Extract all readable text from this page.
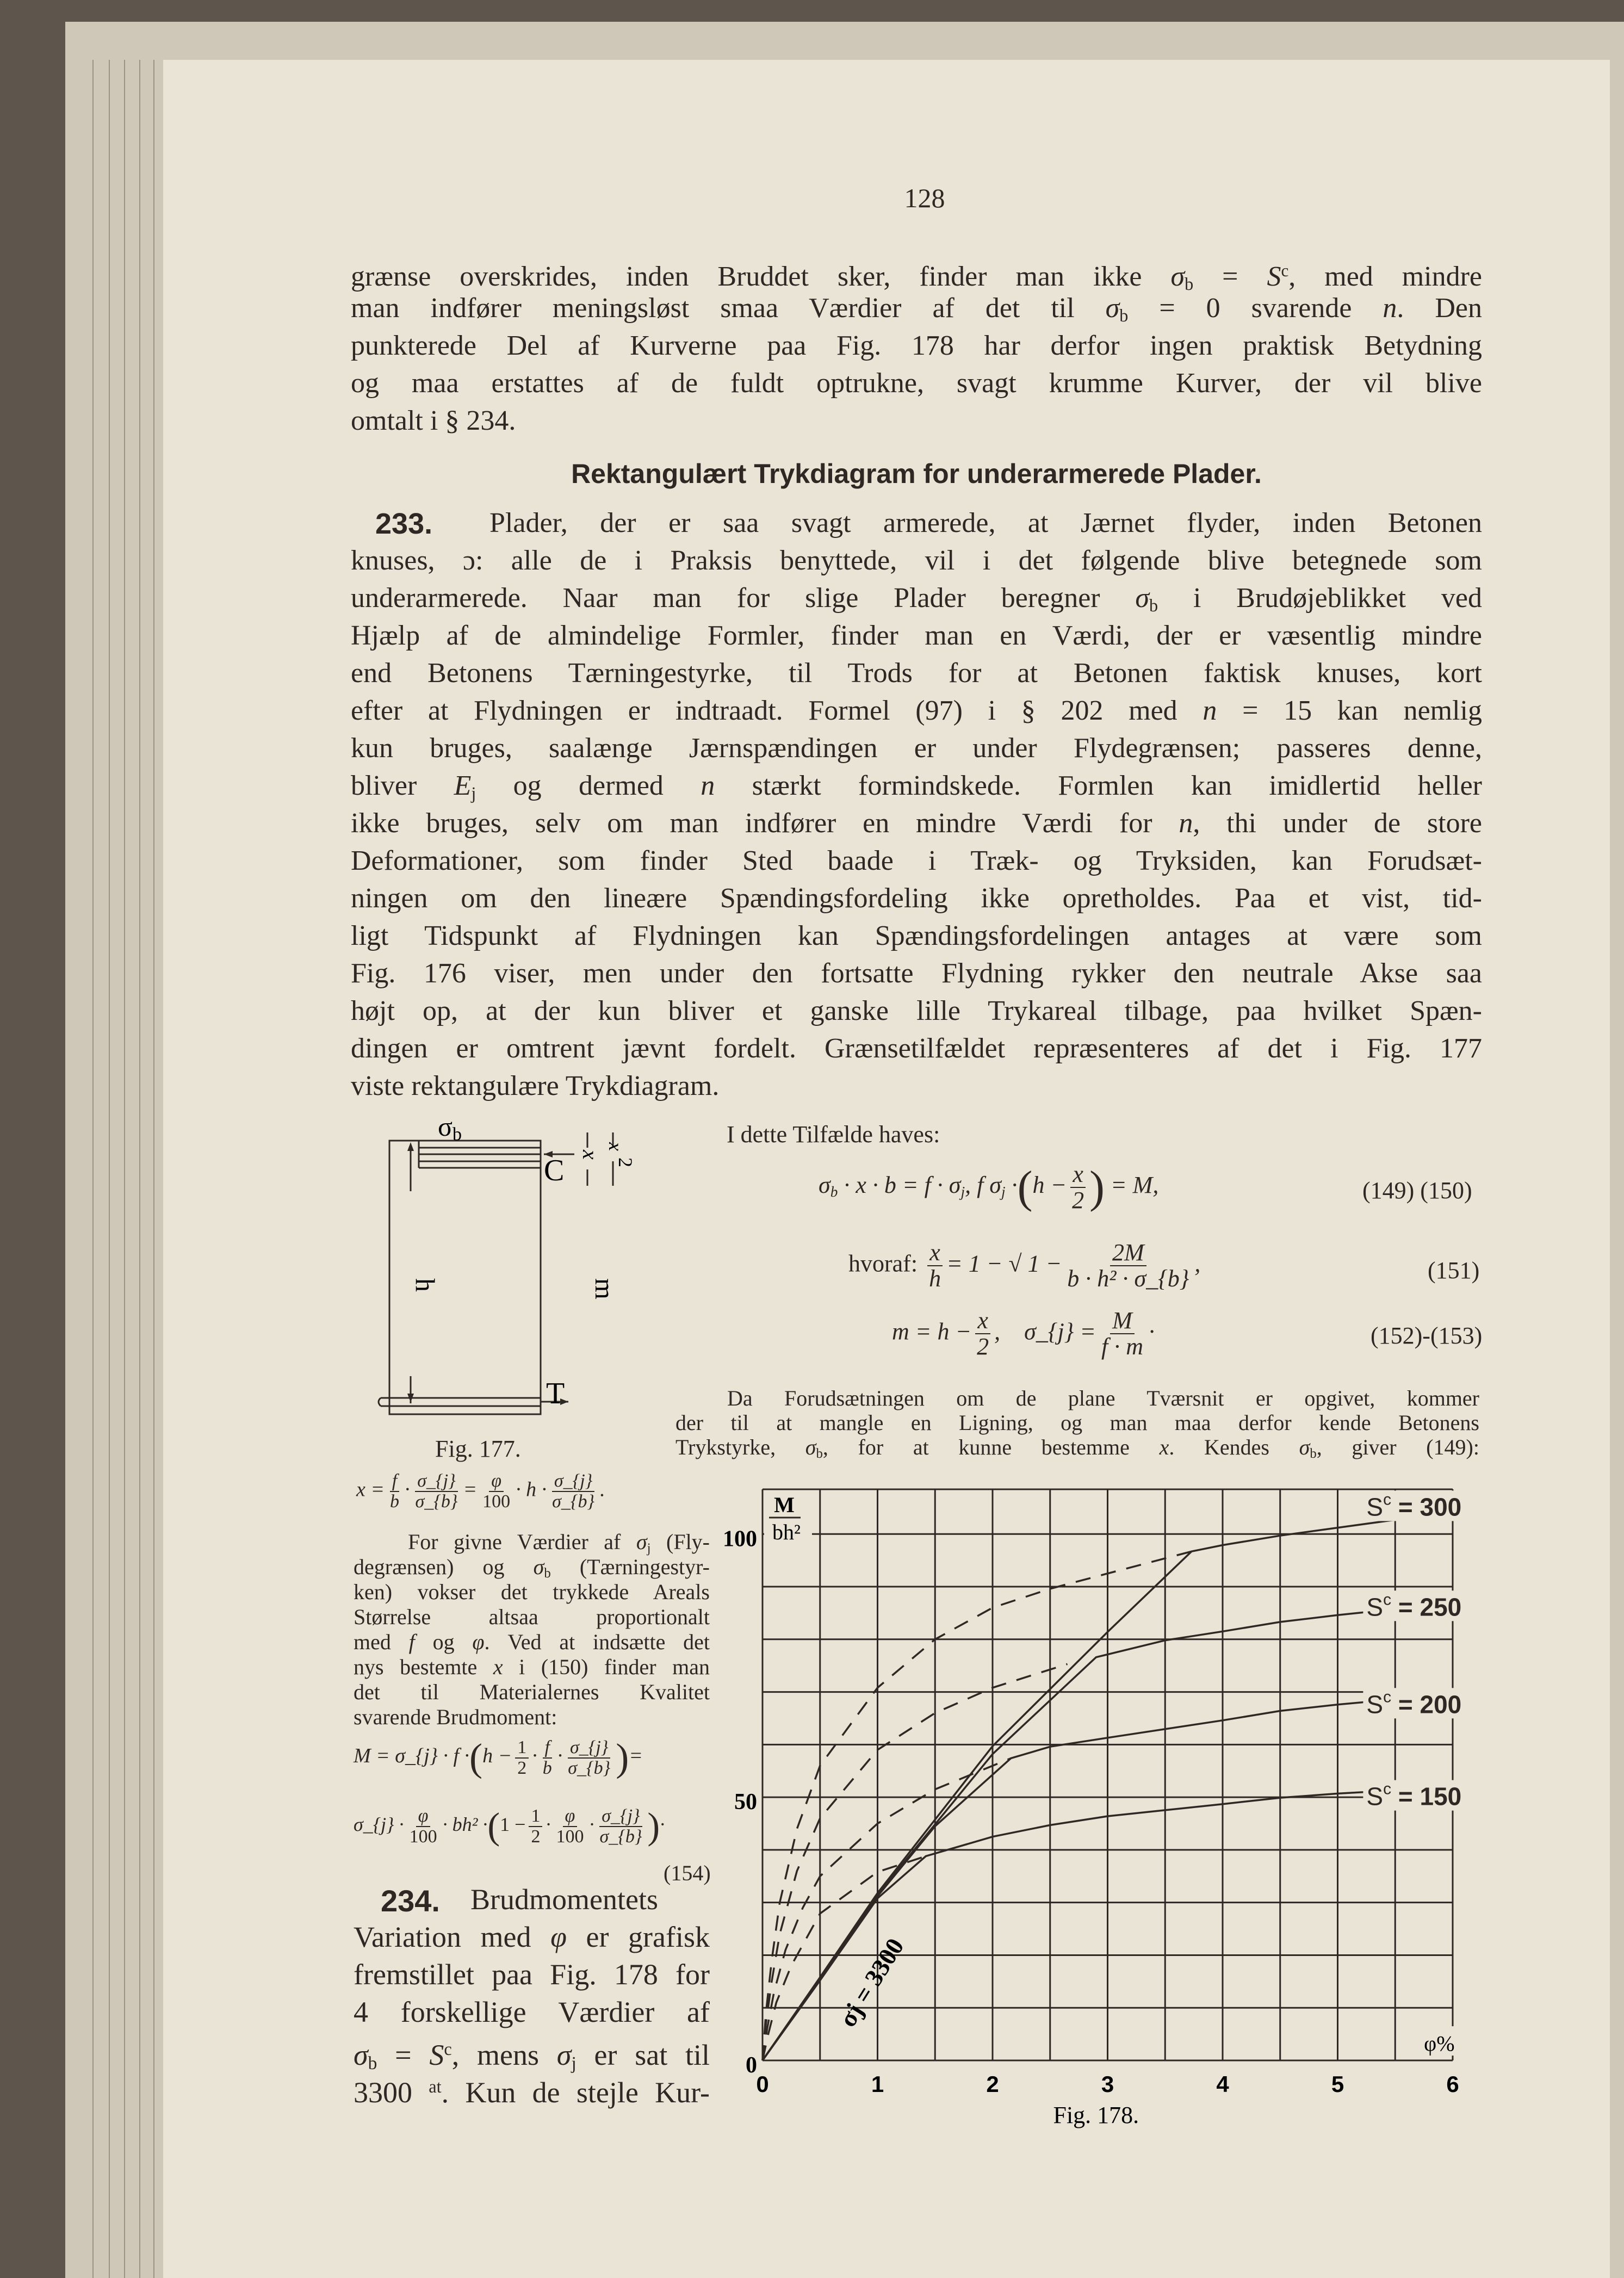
128
grænse overskrides, inden Bruddet sker, finder man ikke $\sigma_b = S^c$, med mindre
man indfører meningsløst smaa Værdier af det til $\sigma_b = 0$ svarende n. Den
punkterede Del af Kurverne paa Fig. 178 har derfor ingen praktisk Betydning
og maa erstattes af de fuldt optrukne, svagt krumme Kurver, der vil blive
omtalt i § 234.
Rektangulært Trykdiagram for underarmerede Plader.
233. Plader, der er saa svagt armerede, at Jærnet flyder, inden Betonen
knuses, ɔ: alle de i Praksis benyttede, vil i det følgende blive betegnede som
underarmerede. Naar man for slige Plader beregner $\sigma_b$ i Brudøjeblikket ved
Hjælp af de almindelige Formler, finder man en Værdi, der er væsentlig mindre
end Betonens Tærningestyrke, til Trods for at Betonen faktisk knuses, kort
efter at Flydningen er indtraadt. Formel (97) i § 202 med n = 15 kan nemlig
kun bruges, saalænge Jærnspændingen er under Flydegrænsen; passeres denne,
bliver $E_j$ og dermed n stærkt formindskede. Formlen kan imidlertid heller
ikke bruges, selv om man indfører en mindre Værdi for n, thi under de store
Deformationer, som finder Sted baade i Træk- og Tryksiden, kan Forudsæt-
ningen om den lineære Spændingsfordeling ikke opretholdes. Paa et vist, tid-
ligt Tidspunkt af Flydningen kan Spændingsfordelingen antages at være som
Fig. 176 viser, men under den fortsatte Flydning rykker den neutrale Akse saa
højt op, at der kun bliver et ganske lille Trykareal tilbage, paa hvilket Spæn-
dingen er omtrent jævnt fordelt. Grænsetilfældet repræsenteres af det i Fig. 177
viste rektangulære Trykdiagram.
σb
C
T
h	m
x
x
2
Fig. 177.
I dette Tilfælde haves:
$\sigma_b \cdot x \cdot b = f \cdot \sigma_j$, f $\sigma_j \cdot(h - \frac{x}{2}$ ) = M,	(149) (150)
hvoraf: $\frac{x}{h} = 1$ − √ $1 - \frac{2M}{\text{b · h² · σ\_\{b\}}}$ ,	(151)
$m = h - \frac{x}{2}$ ,    σ_{j} = $\frac{M}{f \cdot m}$ ·	(152)-(153)
Da Forudsætningen om de plane Tværsnit er opgivet, kommer
der til at mangle en Ligning, og man maa derfor kende Betonens
Trykstyrke, $\sigma_b$, for at kunne bestemme x. Kendes $\sigma_b$, giver (149):
$x = \frac{f}{b} \cdot \frac{\sigma\_\{j\}}{\sigma\_\{b\}} = \frac{\varphi}{100} \cdot h \cdot \frac{\sigma\_\{j\}}{\sigma\_\{b\}}$ .
For givne Værdier af $\sigma_j$ (Fly-
degrænsen) og $\sigma_b$ (Tærningestyr-
ken) vokser det trykkede Areals
Størrelse altsaa proportionalt
med f og φ. Ved at indsætte det
nys bestemte x i (150) finder man
det til Materialernes Kvalitet
svarende Brudmoment:
M = σ_{j} · $f \cdot(h - \frac{1}{2} \cdot \frac{f}{b} \cdot \frac{\sigma\_\{j\}}{\sigma\_\{b\}}$ )=
σ_{j} · $\frac{\varphi}{100} \cdot bh^2 \cdot(1 - \frac{1}{2} \cdot \frac{\varphi}{100} \cdot \frac{\sigma\_\{j\}}{\sigma\_\{b\}}$ )·
(154)
234. Brudmomentets
Variation med φ er grafisk
fremstillet paa Fig. 178 for
4 forskellige Værdier af
$\sigma_b = S^c$, mens $\sigma_j$ er sat til
3300 $^{at}$. Kun de stejle Kur-
$S^c = 300$
$S^c = 250$
$S^c = 200$
$S^c = 150$
0	1	2	3	4	5	6
0
50
100
M
bh²
φ%
σj = 3300
Fig. 178.
